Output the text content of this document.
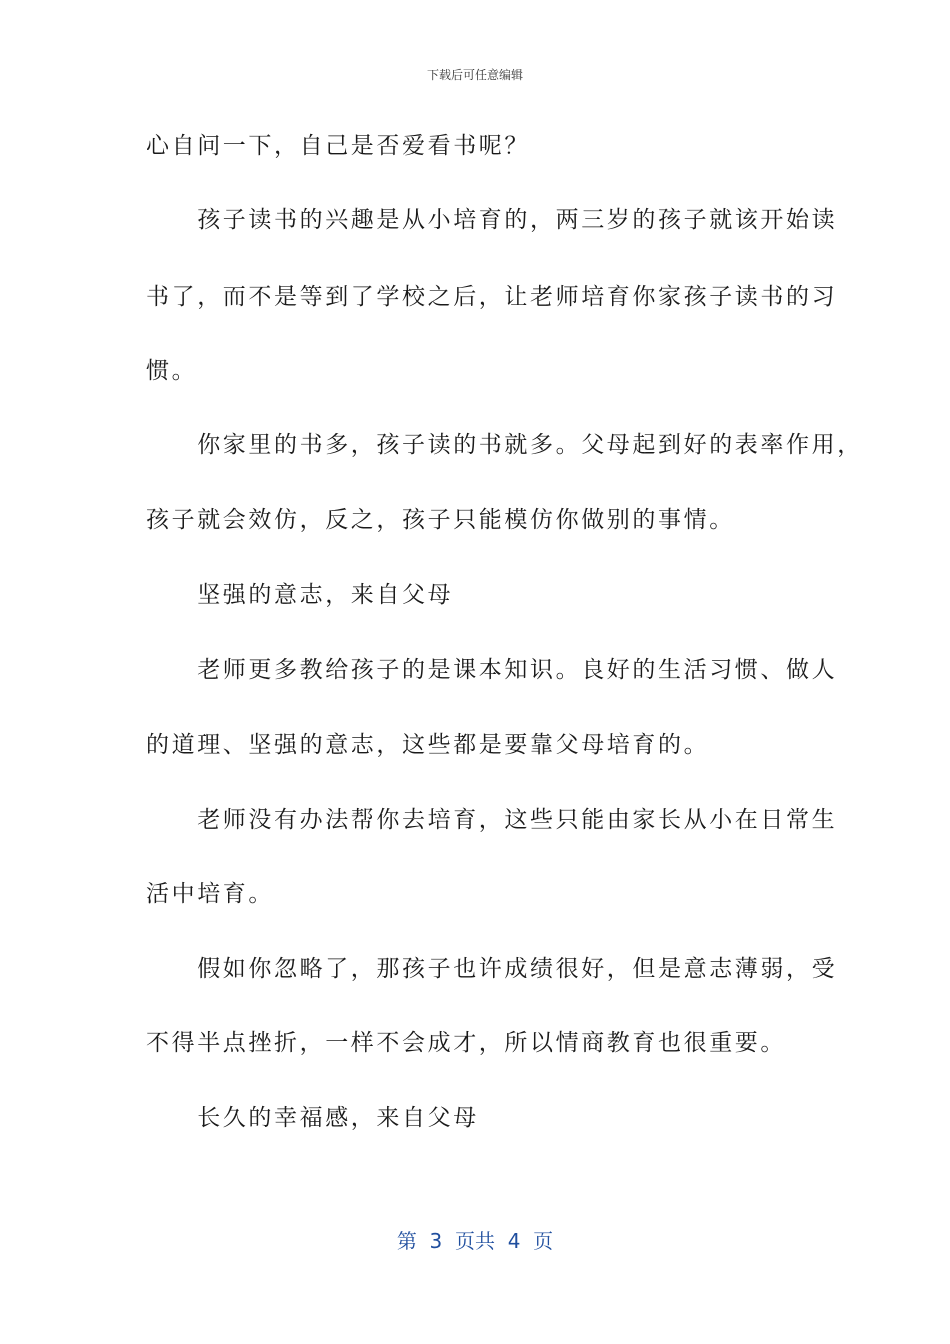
下载后可任意编辑
心自问一下，自己是否爱看书呢？
　　孩子读书的兴趣是从小培育的，两三岁的孩子就该开始读
书了，而不是等到了学校之后，让老师培育你家孩子读书的习
惯。
　　你家里的书多，孩子读的书就多。父母起到好的表率作用，
孩子就会效仿，反之，孩子只能模仿你做别的事情。
　　坚强的意志，来自父母
　　老师更多教给孩子的是课本知识。良好的生活习惯、做人
的道理、坚强的意志，这些都是要靠父母培育的。
　　老师没有办法帮你去培育，这些只能由家长从小在日常生
活中培育。
　　假如你忽略了，那孩子也许成绩很好，但是意志薄弱，受
不得半点挫折，一样不会成才，所以情商教育也很重要。
　　长久的幸福感，来自父母
第  3  页共  4  页
